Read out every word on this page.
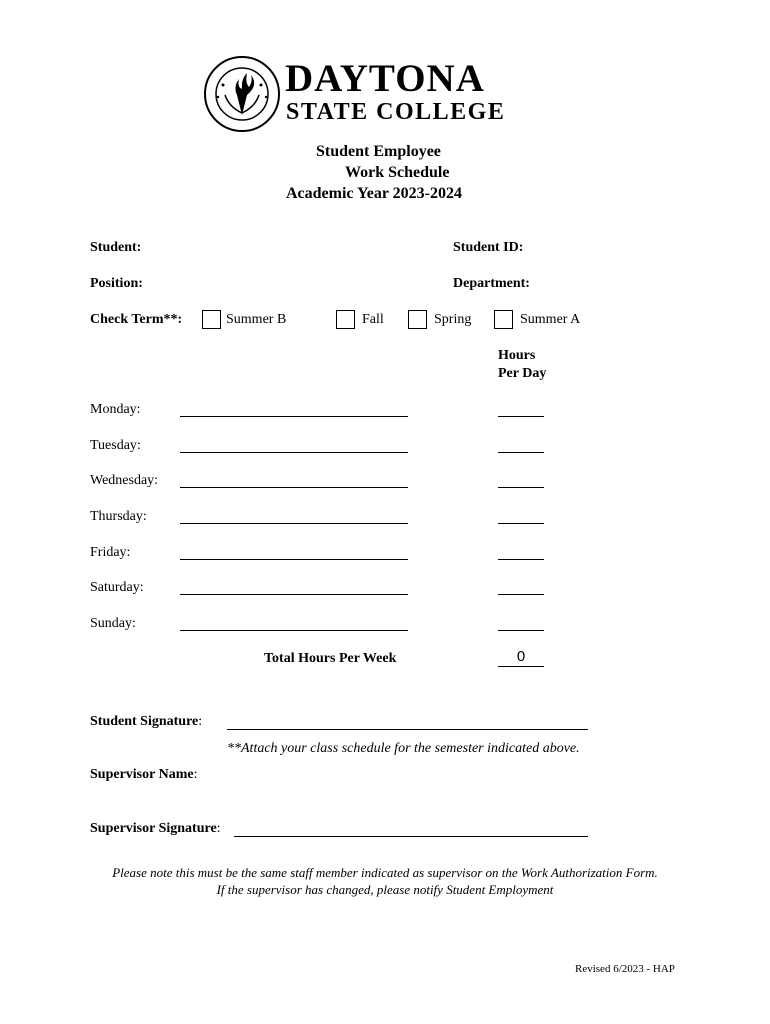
DAYTONA
STATE COLLEGE
Student Employee
Work Schedule
Academic Year 2023-2024
Student:	Student ID:
Position:	Department:
Check Term**:	Summer B	Fall	Spring	Summer A
Hours
Per Day
Monday:
Tuesday:
Wednesday:
Thursday:
Friday:
Saturday:
Sunday:
Total Hours Per Week	0
Student Signature:
**Attach your class schedule for the semester indicated above.
Supervisor Name:
Supervisor Signature:
Please note this must be the same staff member indicated as supervisor on the Work Authorization Form.
If the supervisor has changed, please notify Student Employment
Revised 6/2023 - HAP
